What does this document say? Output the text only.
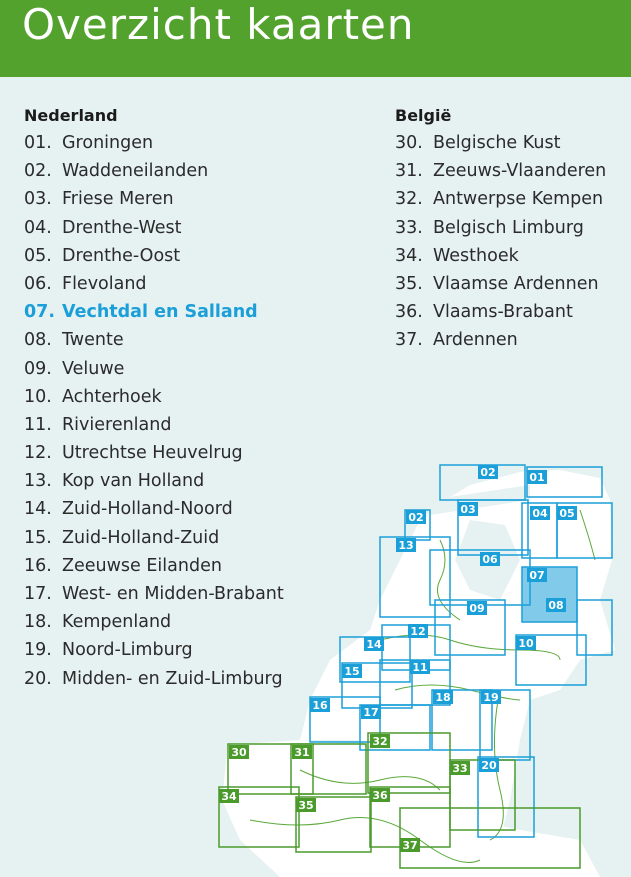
Overzicht kaarten
Nederland
01. Groningen
02. Waddeneilanden
03. Friese Meren
04. Drenthe-West
05. Drenthe-Oost
06. Flevoland
07. Vechtdal en Salland
08. Twente
09. Veluwe
10. Achterhoek
11. Rivierenland
12. Utrechtse Heuvelrug
13. Kop van Holland
14. Zuid-Holland-Noord
15. Zuid-Holland-Zuid
16. Zeeuwse Eilanden
17. West- en Midden-Brabant
18. Kempenland
19. Noord-Limburg
20. Midden- en Zuid-Limburg
België
30. Belgische Kust
31. Zeeuws-Vlaanderen
32. Antwerpse Kempen
33. Belgisch Limburg
34. Westhoek
35. Vlaamse Ardennen
36. Vlaams-Brabant
37. Ardennen
01
02
02
03	04 05
06
07
08
09
10
11
12
13
14
15
16
17
18	19
20
30	31
32
33
34
35
36
37
